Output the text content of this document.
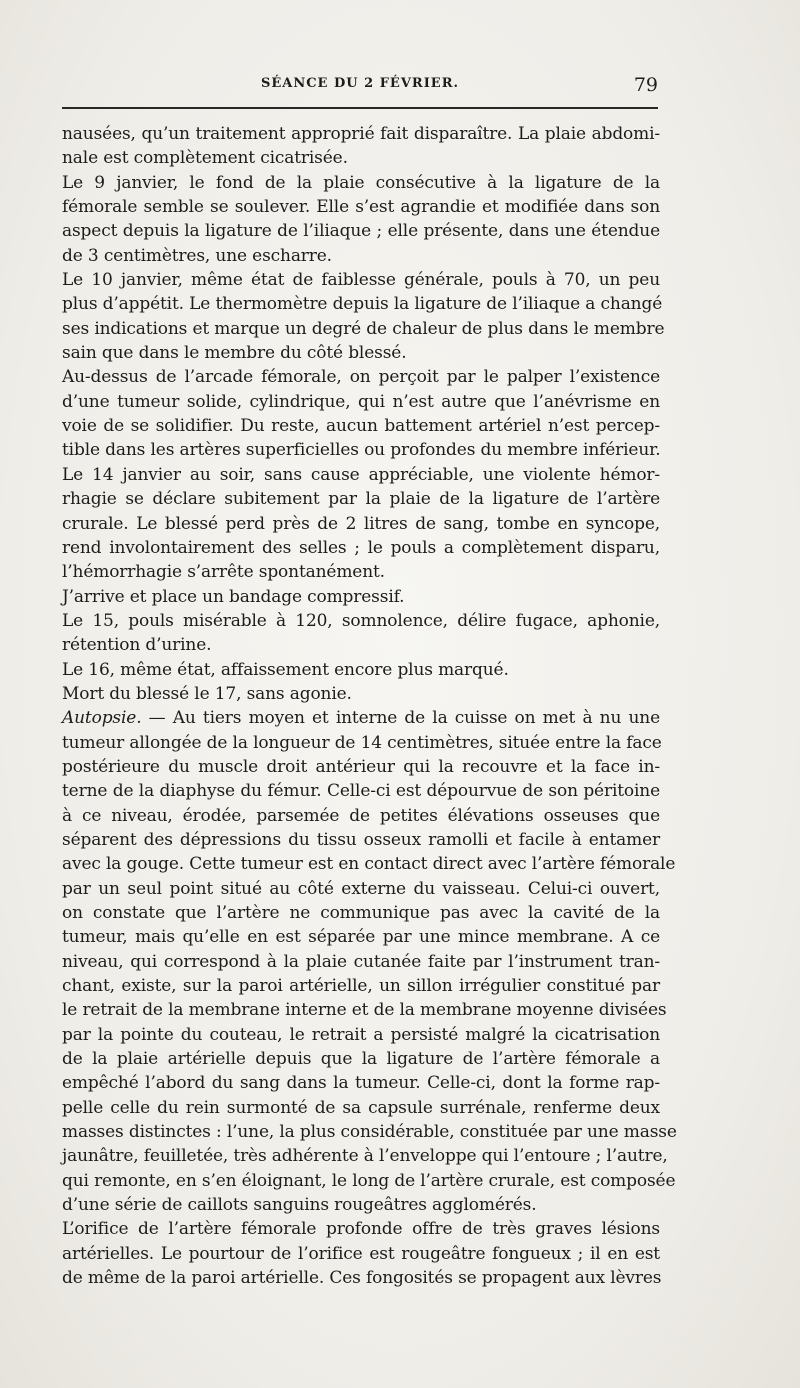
SÉANCE DU 2 FÉVRIER.	79
nausées, qu’un traitement approprié fait disparaître. La plaie abdomi-
nale est complètement cicatrisée.
Le 9 janvier, le fond de la plaie consécutive à la ligature de la
fémorale semble se soulever. Elle s’est agrandie et modifiée dans son
aspect depuis la ligature de l’iliaque ; elle présente, dans une étendue
de 3 centimètres, une escharre.
Le 10 janvier, même état de faiblesse générale, pouls à 70, un peu
plus d’appétit. Le thermomètre depuis la ligature de l’iliaque a changé
ses indications et marque un degré de chaleur de plus dans le membre
sain que dans le membre du côté blessé.
Au-dessus de l’arcade fémorale, on perçoit par le palper l’existence
d’une tumeur solide, cylindrique, qui n’est autre que l’anévrisme en
voie de se solidifier. Du reste, aucun battement artériel n’est percep-
tible dans les artères superficielles ou profondes du membre inférieur.
Le 14 janvier au soir, sans cause appréciable, une violente hémor-
rhagie se déclare subitement par la plaie de la ligature de l’artère
crurale. Le blessé perd près de 2 litres de sang, tombe en syncope,
rend involontairement des selles ; le pouls a complètement disparu,
l’hémorrhagie s’arrête spontanément.
J’arrive et place un bandage compressif.
Le 15, pouls misérable à 120, somnolence, délire fugace, aphonie,
rétention d’urine.
Le 16, même état, affaissement encore plus marqué.
Mort du blessé le 17, sans agonie.
Autopsie. — Au tiers moyen et interne de la cuisse on met à nu une
tumeur allongée de la longueur de 14 centimètres, située entre la face
postérieure du muscle droit antérieur qui la recouvre et la face in-
terne de la diaphyse du fémur. Celle-ci est dépourvue de son péritoine
à ce niveau, érodée, parsemée de petites élévations osseuses que
séparent des dépressions du tissu osseux ramolli et facile à entamer
avec la gouge. Cette tumeur est en contact direct avec l’artère fémorale
par un seul point situé au côté externe du vaisseau. Celui-ci ouvert,
on constate que l’artère ne communique pas avec la cavité de la
tumeur, mais qu’elle en est séparée par une mince membrane. A ce
niveau, qui correspond à la plaie cutanée faite par l’instrument tran-
chant, existe, sur la paroi artérielle, un sillon irrégulier constitué par
le retrait de la membrane interne et de la membrane moyenne divisées
par la pointe du couteau, le retrait a persisté malgré la cicatrisation
de la plaie artérielle depuis que la ligature de l’artère fémorale a
empêché l’abord du sang dans la tumeur. Celle-ci, dont la forme rap-
pelle celle du rein surmonté de sa capsule surrénale, renferme deux
masses distinctes : l’une, la plus considérable, constituée par une masse
jaunâtre, feuilletée, très adhérente à l’enveloppe qui l’entoure ; l’autre,
qui remonte, en s’en éloignant, le long de l’artère crurale, est composée
d’une série de caillots sanguins rougeâtres agglomérés.
L’orifice de l’artère fémorale profonde offre de très graves lésions
artérielles. Le pourtour de l’orifice est rougeâtre fongueux ; il en est
de même de la paroi artérielle. Ces fongosités se propagent aux lèvres
